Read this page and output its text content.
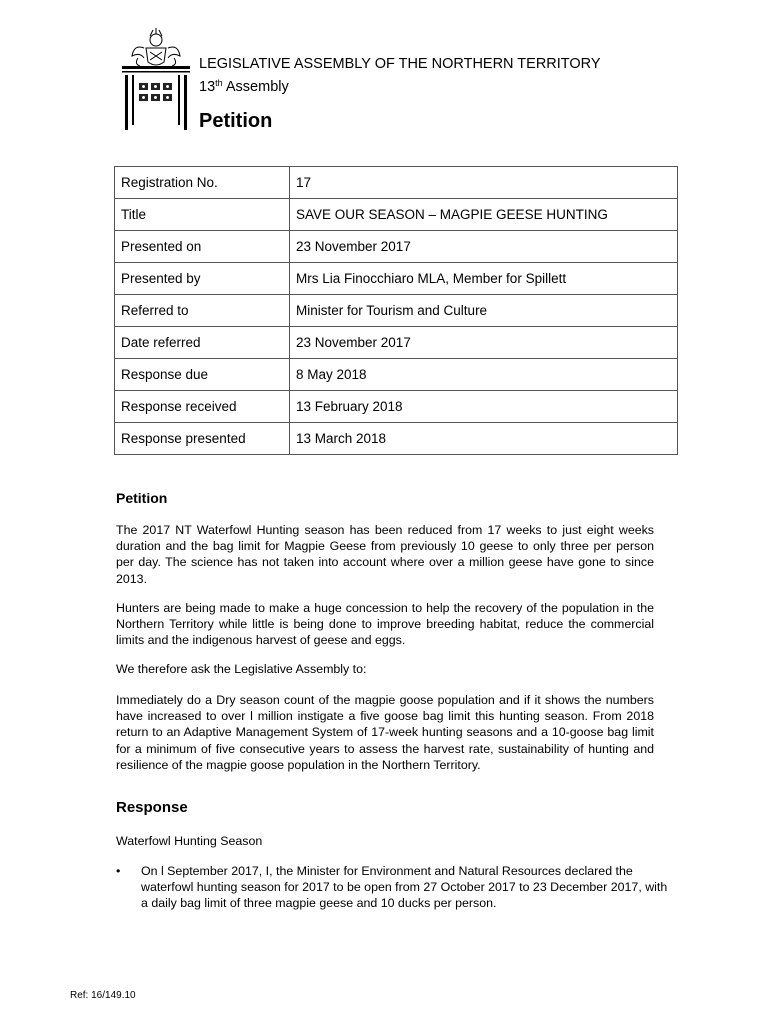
LEGISLATIVE ASSEMBLY OF THE NORTHERN TERRITORY
13th Assembly
Petition
Registration No.	17
Title	SAVE OUR SEASON – MAGPIE GEESE HUNTING
Presented on	23 November 2017
Presented by	Mrs Lia Finocchiaro MLA, Member for Spillett
Referred to	Minister for Tourism and Culture
Date referred	23 November 2017
Response due	8 May 2018
Response received	13 February 2018
Response presented	13 March 2018
Petition

The 2017 NT Waterfowl Hunting season has been reduced from 17 weeks to just eight weeks duration and the bag limit for Magpie Geese from previously 10 geese to only three per person per day. The science has not taken into account where over a million geese have gone to since 2013.

Hunters are being made to make a huge concession to help the recovery of the population in the Northern Territory while little is being done to improve breeding habitat, reduce the commercial limits and the indigenous harvest of geese and eggs.

We therefore ask the Legislative Assembly to:

Immediately do a Dry season count of the magpie goose population and if it shows the numbers have increased to over l million instigate a five goose bag limit this hunting season. From 2018 return to an Adaptive Management System of 17-week hunting seasons and a 10-goose bag limit for a minimum of five consecutive years to assess the harvest rate, sustainability of hunting and resilience of the magpie goose population in the Northern Territory.

Response

Waterfowl Hunting Season

•	On l September 2017, I, the Minister for Environment and Natural Resources declared the waterfowl hunting season for 2017 to be open from 27 October 2017 to 23 December 2017, with a daily bag limit of three magpie geese and 10 ducks per person.
Ref: 16/149.10
